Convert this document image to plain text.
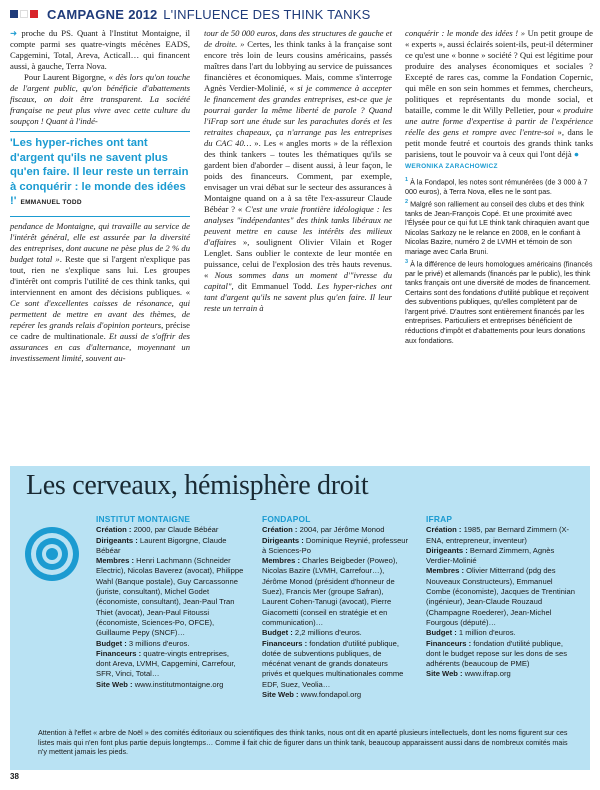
CAMPAGNE 2012 L'INFLUENCE DES THINK TANKS

➜ proche du PS. Quant à l'Institut Montaigne, il compte parmi ses quatre-vingts mécènes EADS, Capgemini, Total, Areva, Acticall… qui financent aussi, à gauche, Terra Nova.

Pour Laurent Bigorgne, « dès lors qu'on touche de l'argent public, qu'on bénéficie d'abattements fiscaux, on doit être transparent. La société française ne peut plus vivre avec cette culture du soupçon ! Quant à l'indé-

'Les hyper-riches ont tant d'argent qu'ils ne savent plus qu'en faire. Il leur reste un terrain à conquérir : le monde des idées !' EMMANUEL TODD

pendance de Montaigne, qui travaille au service de l'intérêt général, elle est assurée par la diversité des entreprises, dont aucune ne pèse plus de 2 % du budget total ». Reste que si l'argent n'explique pas tout, rien ne s'explique sans lui. Les groupes d'intérêt ont compris l'utilité de ces think tanks, qui interviennent en amont des décisions publiques. « Ce sont d'excellentes caisses de résonance, qui permettent de mettre en avant des thèmes, de repérer les grands relais d'opinion porteurs, précise ce cadre de multinationale. Et aussi de s'offrir des assurances en cas d'alternance, moyennant un investissement limité, souvent au-

tour de 50 000 euros, dans des structures de gauche et de droite. » Certes, les think tanks à la française sont encore très loin de leurs cousins américains, passés maîtres dans l'art du lobbying au service de puissances financières et économiques. Mais, comme s'interroge Agnès Verdier-Molinié, « si je commence à accepter le financement des grandes entreprises, est-ce que je pourrai garder la même liberté de parole ? Quand l'iFrap sort une étude sur les parachutes dorés et les retraites chapeaux, ça n'arrange pas les entreprises du CAC 40… ». Les « angles morts » de la réflexion des think tankers – toutes les thématiques qu'ils se gardent bien d'aborder – disent aussi, à leur façon, le poids des financeurs. Comment, par exemple, envisager un vrai débat sur le secteur des assurances à Montaigne quand on a à sa tête l'ex-assureur Claude Bébéar ? « C'est une vraie frontière idéologique : les analyses "indépendantes" des think tanks libéraux ne peuvent mettre en cause les intérêts des milieux d'affaires », soulignent Olivier Vilain et Roger Lenglet. Sans oublier le contexte de leur montée en puissance, celui de l'explosion des très hauts revenus. « Nous sommes dans un moment d'"ivresse du capital", dit Emmanuel Todd. Les hyper-riches ont tant d'argent qu'ils ne savent plus qu'en faire. Il leur reste un terrain à

conquérir : le monde des idées ! » Un petit groupe de « experts », aussi éclairés soient-ils, peut-il déterminer ce qu'est une « bonne » société ? Qui est légitime pour produire des analyses économiques et sociales ? Excepté de rares cas, comme la Fondation Copernic, qui mêle en son sein hommes et femmes, chercheurs, politiques et représentants du monde social, et bataille, comme le dit Willy Pelletier, pour « produire une autre forme d'expertise à partir de l'expérience réelle des gens et rompre avec l'entre-soi », dans le petit monde feutré et courtois des grands think tanks parisiens, tout le pouvoir va à ceux qui l'ont déjà ●

WERONIKA ZARACHOWICZ
$^1$ À la Fondapol, les notes sont rémunérées (de 3 000 à 7 000 euros), à Terra Nova, elles ne le sont pas.
$^2$ Malgré son ralliement au conseil des clubs et des think tanks de Jean-François Copé. Et une proximité avec l'Élysée pour ce qui fut LE think tank chiraquien avant que Nicolas Sarkozy ne le relance en 2008, en le confiant à Nicolas Bazire, numéro 2 de LVMH et témoin de son mariage avec Carla Bruni.
$^3$ À la différence de leurs homologues américains (financés par le privé) et allemands (financés par le public), les think tanks français ont une diversité de modes de financement. Certains sont des fondations d'utilité publique et reçoivent des subventions publiques, qu'elles complètent par de l'argent privé. D'autres sont entièrement financés par les entreprises. Particuliers et entreprises bénéficient de réductions d'impôt et d'abattements pour leurs donations aux fondations.
Les cerveaux, hémisphère droit
INSTITUT MONTAIGNE
Création : 2000, par Claude Bébéar
Dirigeants : Laurent Bigorgne, Claude Bébéar
Membres : Henri Lachmann (Schneider Electric), Nicolas Baverez (avocat), Philippe Wahl (Banque postale), Guy Carcassonne (juriste, consultant), Michel Godet (économiste, consultant), Jean-Paul Tran Thiet (avocat), Jean-Paul Fitoussi (économiste, Sciences-Po, OFCE), Guillaume Pepy (SNCF)…
Budget : 3 millions d'euros.
Financeurs : quatre-vingts entreprises, dont Areva, LVMH, Capgemini, Carrefour, SFR, Vinci, Total…
Site Web : www.institutmontaigne.org
FONDAPOL
Création : 2004, par Jérôme Monod
Dirigeants : Dominique Reynié, professeur à Sciences-Po
Membres : Charles Beigbeder (Poweo), Nicolas Bazire (LVMH, Carrefour…), Jérôme Monod (président d'honneur de Suez), Francis Mer (groupe Safran), Laurent Cohen-Tanugi (avocat), Pierre Giacometti (conseil en stratégie et en communication)…
Budget : 2,2 millions d'euros.
Financeurs : fondation d'utilité publique, dotée de subventions publiques, de mécénat venant de grands donateurs privés et quelques multinationales comme EDF, Suez, Veolia…
Site Web : www.fondapol.org
IFRAP
Création : 1985, par Bernard Zimmern (X-ENA, entrepreneur, inventeur)
Dirigeants : Bernard Zimmern, Agnès Verdier-Molinié
Membres : Olivier Mitterrand (pdg des Nouveaux Constructeurs), Emmanuel Combe (économiste), Jacques de Trentinian (ingénieur), Jean-Claude Rouzaud (Champagne Roederer), Jean-Michel Fourgous (député)…
Budget : 1 million d'euros.
Financeurs : fondation d'utilité publique, dont le budget repose sur les dons de ses adhérents (beaucoup de PME)
Site Web : www.ifrap.org
Attention à l'effet « arbre de Noël » des comités éditoriaux ou scientifiques des think tanks, nous ont dit en aparté plusieurs intellectuels, dont les noms figurent sur ces listes mais qui n'en font plus partie depuis longtemps… Comme il fait chic de figurer dans un think tank, beaucoup apparaissent aussi dans de nombreux comités mais n'y mettent jamais les pieds.
38
